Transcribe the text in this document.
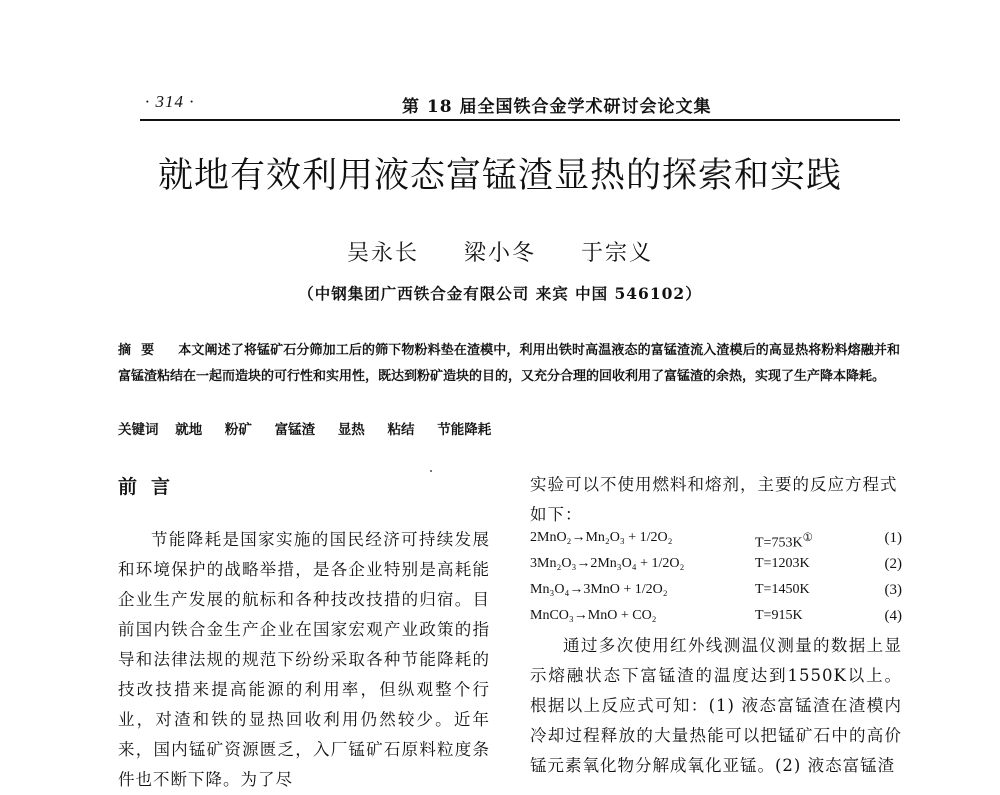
· 314 ·	第 18 届全国铁合金学术研讨会论文集
就地有效利用液态富锰渣显热的探索和实践
吴永长 梁小冬 于宗义
（中钢集团广西铁合金有限公司 来宾 中国 546102）
摘要 本文阐述了将锰矿石分筛加工后的筛下物粉料垫在渣模中，利用出铁时高温液态的富锰渣流入渣模后的高显热将粉料熔融并和富锰渣粘结在一起而造块的可行性和实用性，既达到粉矿造块的目的，又充分合理的回收利用了富锰渣的余热，实现了生产降本降耗。
关键词 就地 粉矿 富锰渣 显热 粘结 节能降耗
前言
节能降耗是国家实施的国民经济可持续发展和环境保护的战略举措，是各企业特别是高耗能企业生产发展的航标和各种技改技措的归宿。目前国内铁合金生产企业在国家宏观产业政策的指导和法律法规的规范下纷纷采取各种节能降耗的技改技措来提高能源的利用率，但纵观整个行业，对渣和铁的显热回收利用仍然较少。近年来，国内锰矿资源匮乏，入厂锰矿石原料粒度条件也不断下降。为了尽
实验可以不使用燃料和熔剂，主要的反应方程式如下：
2MnO₂→Mn₂O₃ + 1/2O₂	T=753K①	(1)
3Mn₂O₃→2Mn₃O₄ + 1/2O₂	T=1203K	(2)
Mn₃O₄→3MnO + 1/2O₂	T=1450K	(3)
MnCO₃→MnO + CO₂	T=915K	(4)
通过多次使用红外线测温仪测量的数据上显示熔融状态下富锰渣的温度达到1550K以上。根据以上反应式可知：(1) 液态富锰渣在渣模内冷却过程释放的大量热能可以把锰矿石中的高价锰元素氧化物分解成氧化亚锰。(2) 液态富锰渣
